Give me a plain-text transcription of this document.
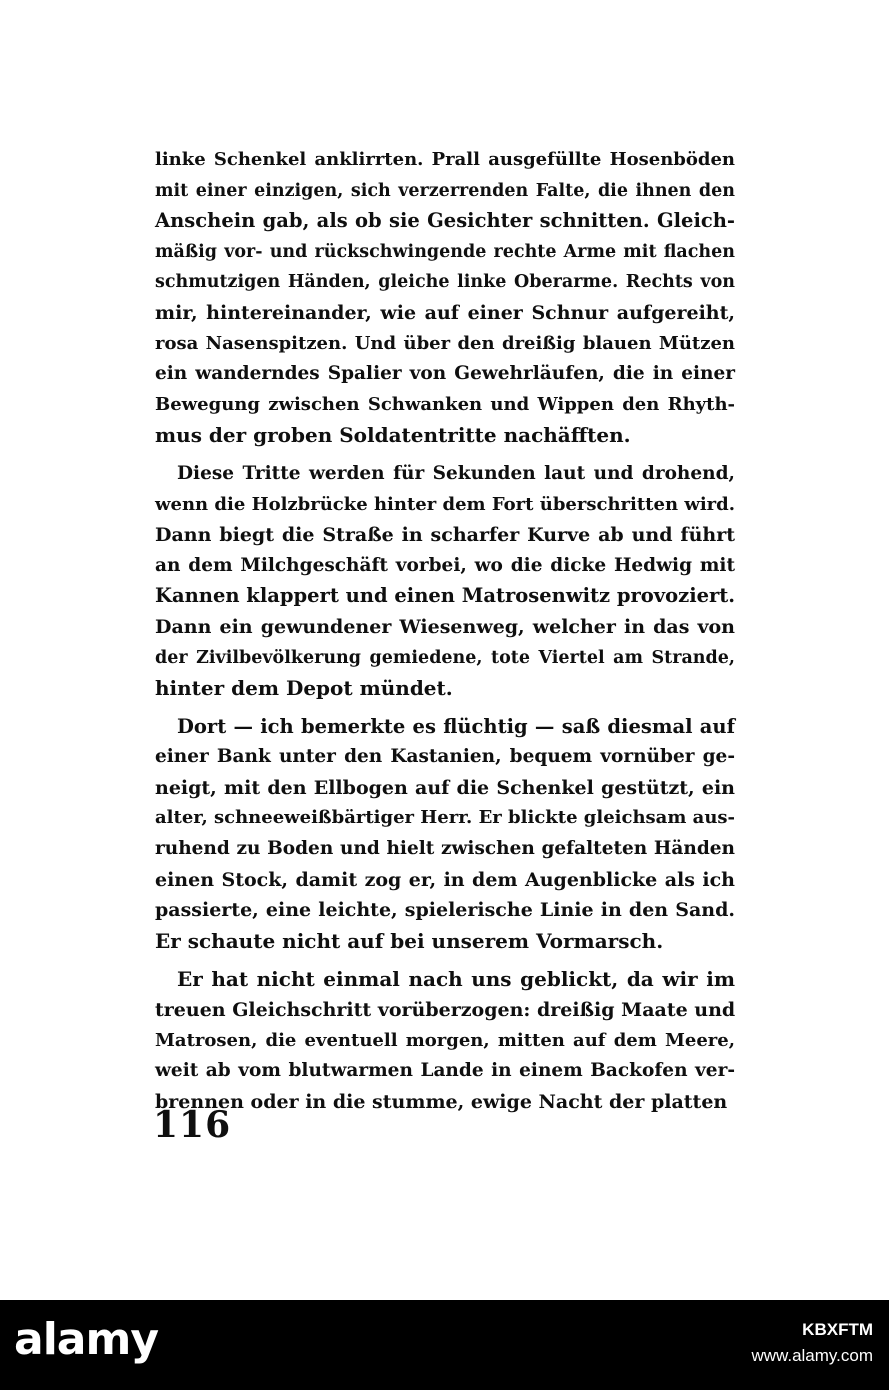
linke Schenkel anklirrten. Prall ausgefüllte Hosenböden
mit einer einzigen, sich verzerrenden Falte, die ihnen den
Anschein gab, als ob sie Gesichter schnitten. Gleich-
mäßig vor- und rückschwingende rechte Arme mit flachen
schmutzigen Händen, gleiche linke Oberarme. Rechts von
mir, hintereinander, wie auf einer Schnur aufgereiht,
rosa Nasenspitzen. Und über den dreißig blauen Mützen
ein wanderndes Spalier von Gewehrläufen, die in einer
Bewegung zwischen Schwanken und Wippen den Rhyth-
mus der groben Soldatentritte nachäfften.
Diese Tritte werden für Sekunden laut und drohend,
wenn die Holzbrücke hinter dem Fort überschritten wird.
Dann biegt die Straße in scharfer Kurve ab und führt
an dem Milchgeschäft vorbei, wo die dicke Hedwig mit
Kannen klappert und einen Matrosenwitz provoziert.
Dann ein gewundener Wiesenweg, welcher in das von
der Zivilbevölkerung gemiedene, tote Viertel am Strande,
hinter dem Depot mündet.
Dort — ich bemerkte es flüchtig — saß diesmal auf
einer Bank unter den Kastanien, bequem vornüber ge-
neigt, mit den Ellbogen auf die Schenkel gestützt, ein
alter, schneeweißbärtiger Herr. Er blickte gleichsam aus-
ruhend zu Boden und hielt zwischen gefalteten Händen
einen Stock, damit zog er, in dem Augenblicke als ich
passierte, eine leichte, spielerische Linie in den Sand.
Er schaute nicht auf bei unserem Vormarsch.
Er hat nicht einmal nach uns geblickt, da wir im
treuen Gleichschritt vorüberzogen: dreißig Maate und
Matrosen, die eventuell morgen, mitten auf dem Meere,
weit ab vom blutwarmen Lande in einem Backofen ver-
brennen oder in die stumme, ewige Nacht der platten
116
alamy	KBXFTM
www.alamy.com
